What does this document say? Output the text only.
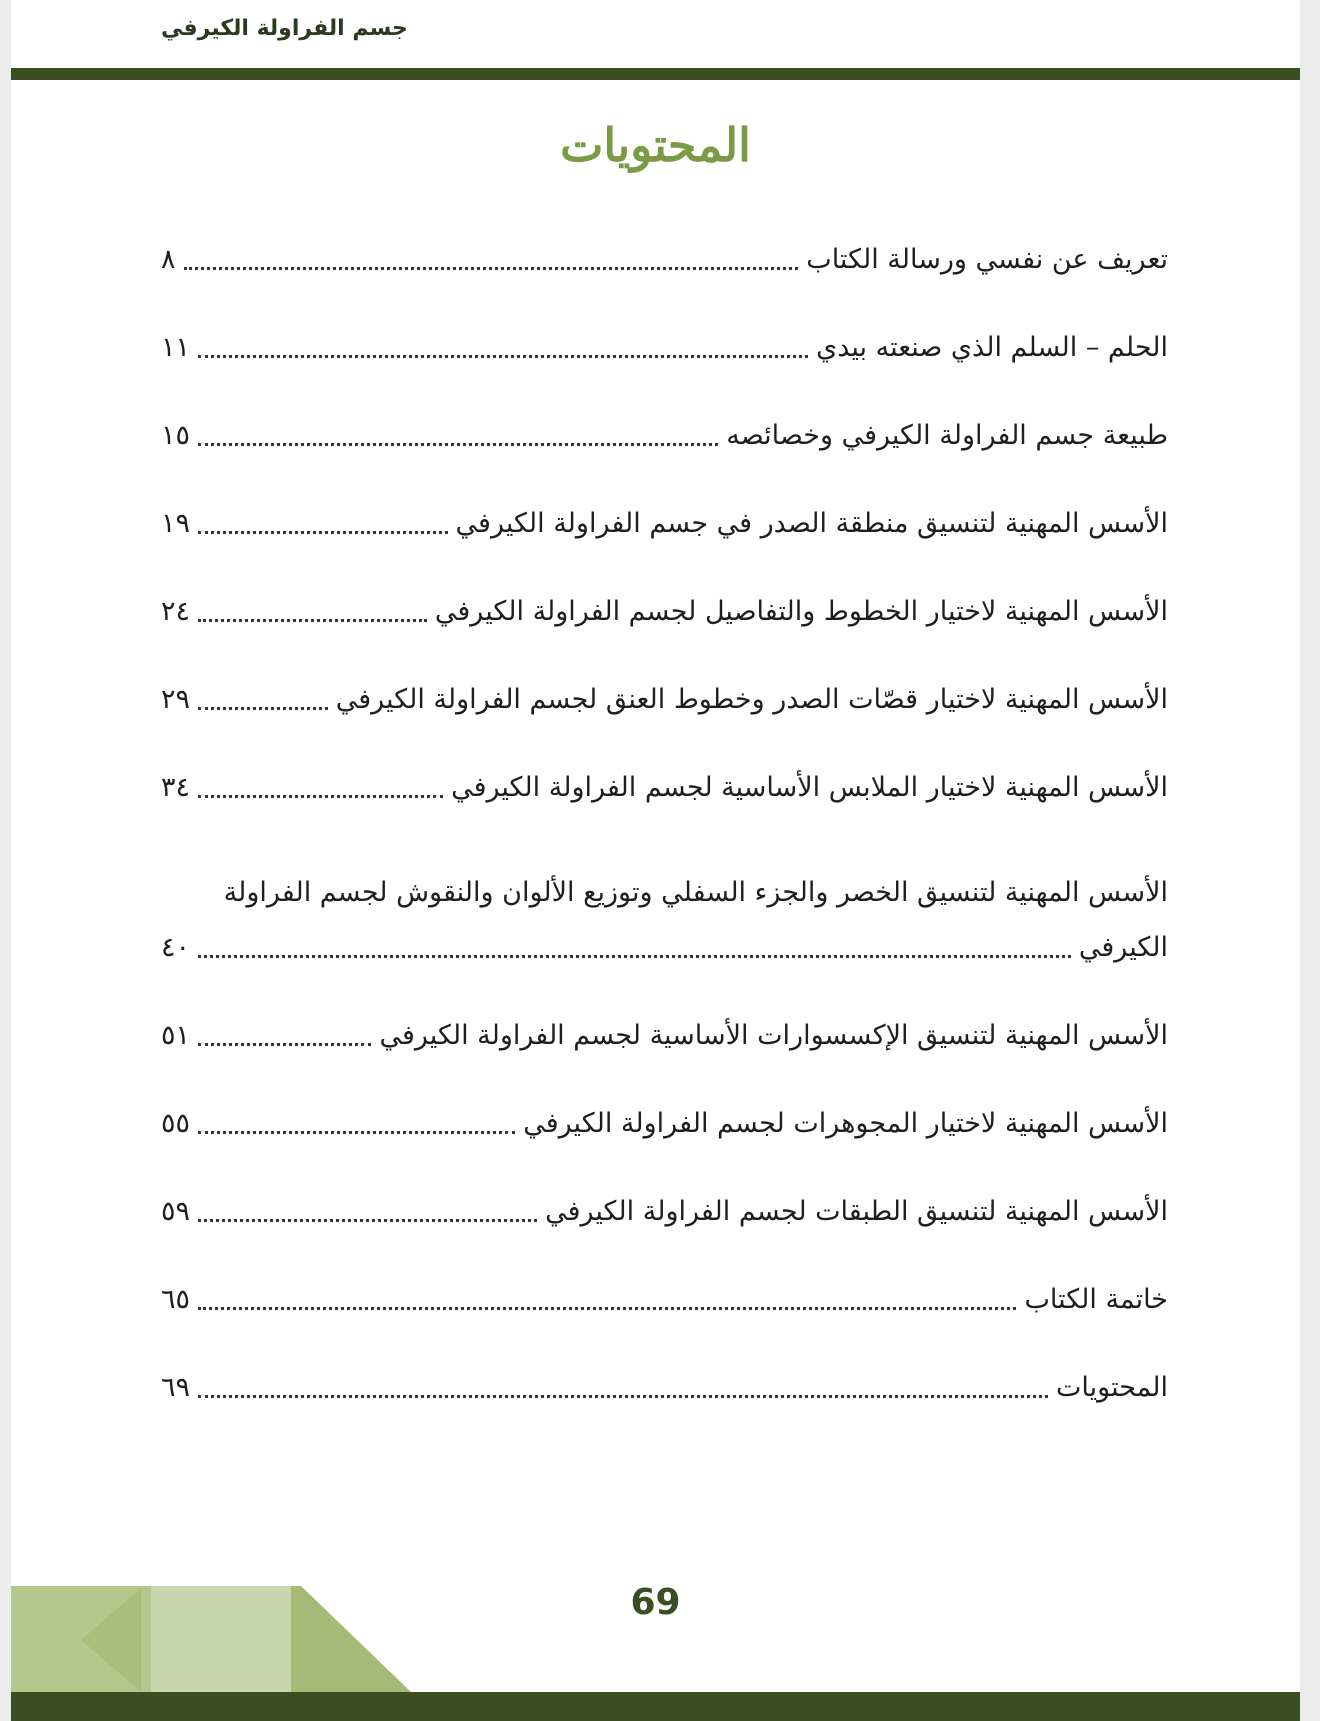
جسم الفراولة الكيرفي
المحتويات
تعريف عن نفسي ورسالة الكتاب
٨
الحلم – السلم الذي صنعته بيدي
١١
طبيعة جسم الفراولة الكيرفي وخصائصه
١٥
الأسس المهنية لتنسيق منطقة الصدر في جسم الفراولة الكيرفي
١٩
الأسس المهنية لاختيار الخطوط والتفاصيل لجسم الفراولة الكيرفي
٢٤
الأسس المهنية لاختيار قصّات الصدر وخطوط العنق لجسم الفراولة الكيرفي
٢٩
الأسس المهنية لاختيار الملابس الأساسية لجسم الفراولة الكيرفي
٣٤
الأسس المهنية لتنسيق الخصر والجزء السفلي وتوزيع الألوان والنقوش لجسم الفراولة
الكيرفي
٤٠
الأسس المهنية لتنسيق الإكسسوارات الأساسية لجسم الفراولة الكيرفي
٥١
الأسس المهنية لاختيار المجوهرات لجسم الفراولة الكيرفي
٥٥
الأسس المهنية لتنسيق الطبقات لجسم الفراولة الكيرفي
٥٩
خاتمة الكتاب
٦٥
المحتويات
٦٩
69
